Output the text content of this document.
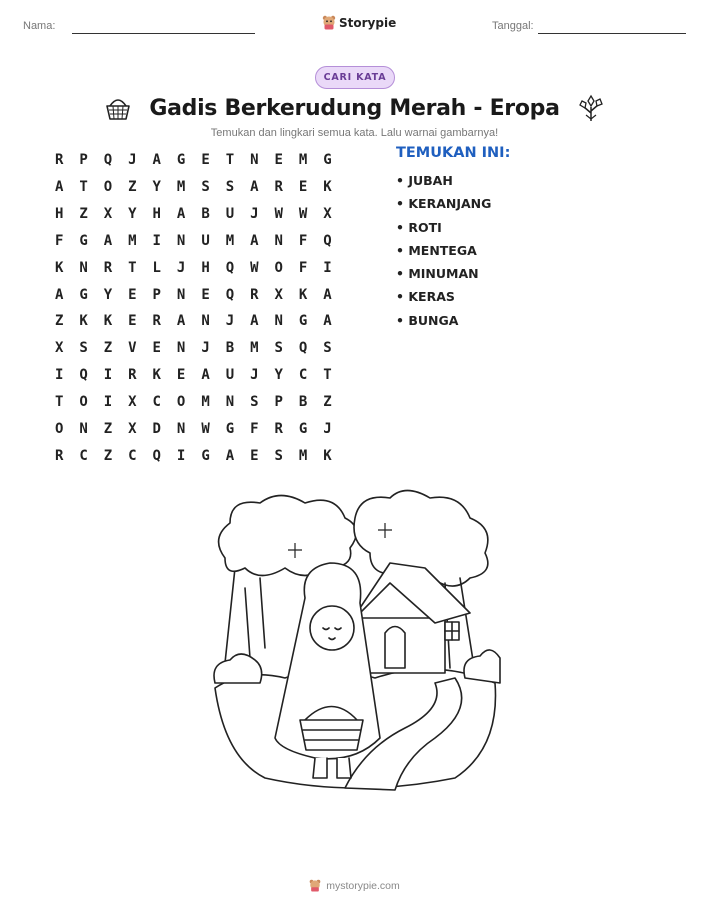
Nama:	Storypie	Tanggal:
CARI KATA
Gadis Berkerudung Merah - Eropa
Temukan dan lingkari semua kata. Lalu warnai gambarnya!
R	P	Q	J	A	G	E	T	N	E	M	G
A	T	O	Z	Y	M	S	S	A	R	E	K
H	Z	X	Y	H	A	B	U	J	W	W	X
F	G	A	M	I	N	U	M	A	N	F	Q
K	N	R	T	L	J	H	Q	W	O	F	I
A	G	Y	E	P	N	E	Q	R	X	K	A
Z	K	K	E	R	A	N	J	A	N	G	A
X	S	Z	V	E	N	J	B	M	S	Q	S
I	Q	I	R	K	E	A	U	J	Y	C	T
T	O	I	X	C	O	M	N	S	P	B	Z
O	N	Z	X	D	N	W	G	F	R	G	J
R	C	Z	C	Q	I	G	A	E	S	M	K
TEMUKAN INI:
• JUBAH
• KERANJANG
• ROTI
• MENTEGA
• MINUMAN
• KERAS
• BUNGA
mystorypie.com
